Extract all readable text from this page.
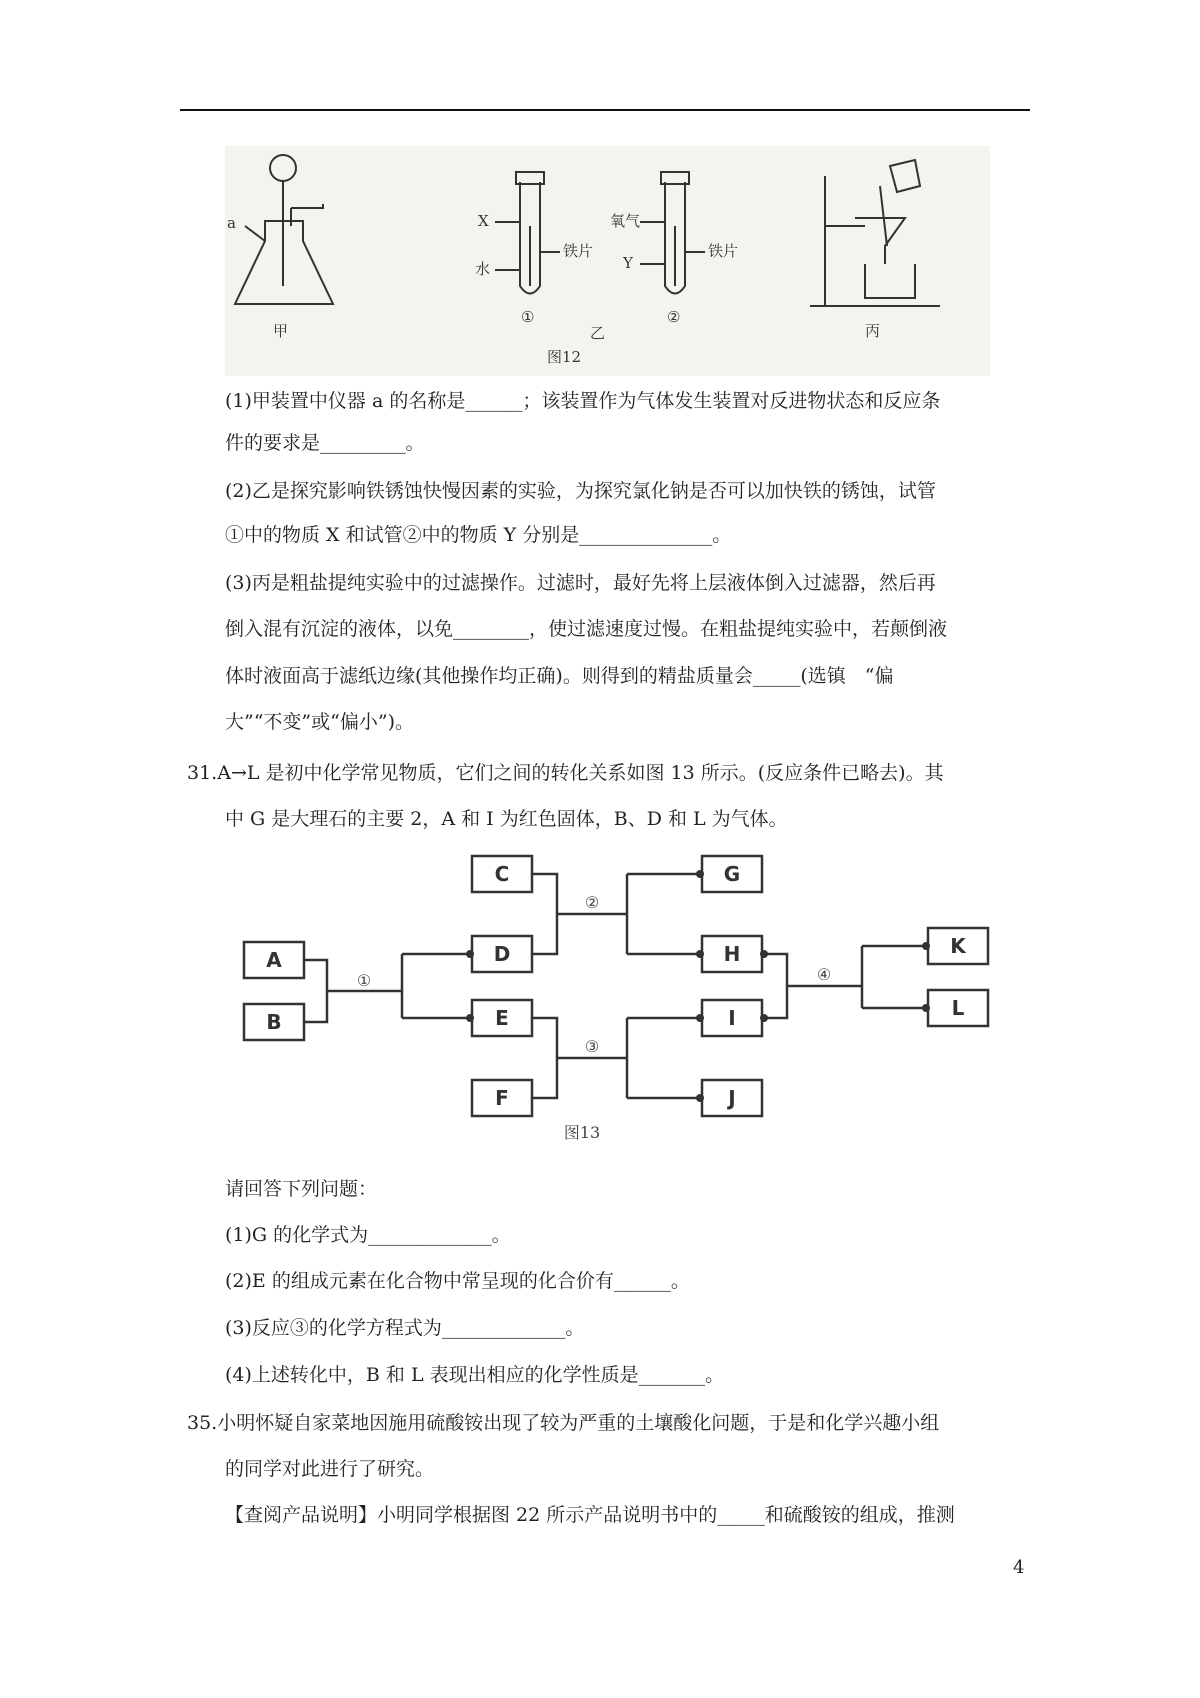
a
甲
X
水
铁片
①
乙
氧气
Y
铁片
②
丙
图12
(1)甲装置中仪器 a 的名称是______；该装置作为气体发生装置对反进物状态和反应条
件的要求是_________。
(2)乙是探究影响铁锈蚀快慢因素的实验，为探究氯化钠是否可以加快铁的锈蚀，试管
①中的物质 X 和试管②中的物质 Y 分别是______________。
(3)丙是粗盐提纯实验中的过滤操作。过滤时，最好先将上层液体倒入过滤器，然后再
倒入混有沉淀的液体，以免________，使过滤速度过慢。在粗盐提纯实验中，若颠倒液
体时液面高于滤纸边缘(其他操作均正确)。则得到的精盐质量会_____(选镇　“偏
大”“不变”或“偏小”)。
31.A→L 是初中化学常见物质，它们之间的转化关系如图 13 所示。(反应条件已略去)。其
中 G 是大理石的主要 2，A 和 I 为红色固体，B、D 和 L 为气体。
A
B
C
D
E
F
G
H
I
J
K
L
①
②
③
④
图13
请回答下列问题：
(1)G 的化学式为_____________。
(2)E 的组成元素在化合物中常呈现的化合价有______。
(3)反应③的化学方程式为_____________。
(4)上述转化中，B 和 L 表现出相应的化学性质是_______。
35.小明怀疑自家菜地因施用硫酸铵出现了较为严重的土壤酸化问题，于是和化学兴趣小组
的同学对此进行了研究。
【查阅产品说明】小明同学根据图 22 所示产品说明书中的_____和硫酸铵的组成，推测
4
